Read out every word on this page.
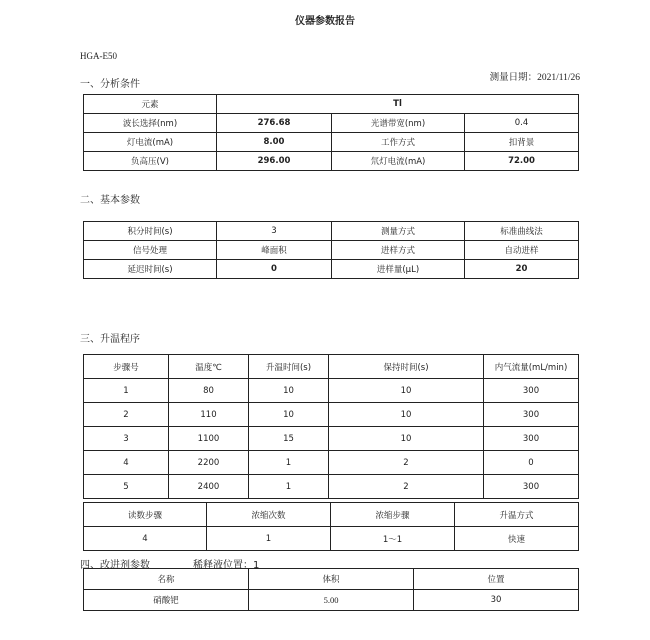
仪器参数报告
HGA-E50
测量日期：2021/11/26
一、分析条件
元素	Tl		
波长选择(nm)	276.68	光谱带宽(nm)	0.4
灯电流(mA)	8.00	工作方式	扣背景
负高压(V)	296.00	氘灯电流(mA)	72.00
二、基本参数
积分时间(s)	3	测量方式	标准曲线法
信号处理	峰面积	进样方式	自动进样
延迟时间(s)	0	进样量(μL)	20
三、升温程序
步骤号	温度℃	升温时间(s)	保持时间(s)	内气流量(mL/min)
1	80	10	10	300
2	110	10	10	300
3	1100	15	10	300
4	2200	1	2	0
5	2400	1	2	300
读数步骤	浓缩次数	浓缩步骤	升温方式
4	1	1～1	快速
四、改进剂参数	稀释液位置：1
名称	体积	位置
硝酸钯	5.00	30
